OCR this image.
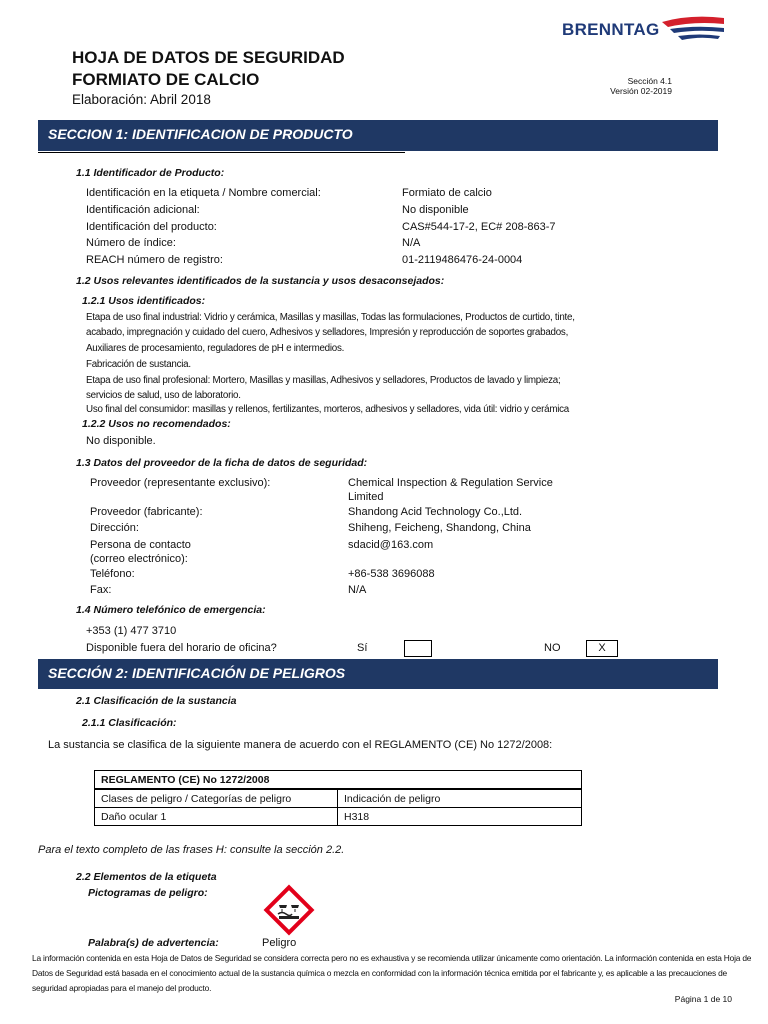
BRENNTAG
HOJA DE DATOS DE SEGURIDAD
FORMIATO DE CALCIO
Elaboración: Abril 2018
Sección 4.1
Versión 02-2019
SECCION 1: IDENTIFICACION DE PRODUCTO
1.1 Identificador de Producto:
Identificación en la etiqueta / Nombre comercial:	Formiato de calcio
Identificación adicional:	No disponible
Identificación del producto:	CAS#544-17-2, EC# 208-863-7
Número de índice:	N/A
REACH número de registro:	01-2119486476-24-0004
1.2 Usos relevantes identificados de la sustancia y usos desaconsejados:
1.2.1 Usos identificados:
Etapa de uso final industrial: Vidrio y cerámica, Masillas y masillas, Todas las formulaciones, Productos de curtido, tinte,
acabado, impregnación y cuidado del cuero, Adhesivos y selladores, Impresión y reproducción de soportes grabados,
Auxiliares de procesamiento, reguladores de pH e intermedios.
Fabricación de sustancia.
Etapa de uso final profesional: Mortero, Masillas y masillas, Adhesivos y selladores, Productos de lavado y limpieza;
servicios de salud, uso de laboratorio.
Uso final del consumidor: masillas y rellenos, fertilizantes, morteros, adhesivos y selladores, vida útil: vidrio y cerámica
1.2.2 Usos no recomendados:
No disponible.
1.3 Datos del proveedor de la ficha de datos de seguridad:
Proveedor (representante exclusivo):	Chemical Inspection & Regulation Service
Limited
Proveedor (fabricante):	Shandong Acid Technology Co.,Ltd.
Dirección:	Shiheng, Feicheng, Shandong, China
Persona de contacto
(correo electrónico):
sdacid@163.com
Teléfono:	+86-538 3696088
Fax:	N/A
1.4 Número telefónico de emergencia:
+353 (1) 477 3710
Disponible fuera del horario de oficina?	Sí	NO	X
SECCIÓN 2: IDENTIFICACIÓN DE PELIGROS
2.1 Clasificación de la sustancia
2.1.1 Clasificación:
La sustancia se clasifica de la siguiente manera de acuerdo con el REGLAMENTO (CE) No 1272/2008:
REGLAMENTO (CE) No 1272/2008	
Clases de peligro / Categorías de peligro	Indicación de peligro
Daño ocular 1	H318
Para el texto completo de las frases H: consulte la sección 2.2.
2.2 Elementos de la etiqueta
Pictogramas de peligro:
Palabra(s) de advertencia:	Peligro
La información contenida en esta Hoja de Datos de Seguridad se considera correcta pero no es exhaustiva y se recomienda utilizar únicamente como orientación. La información contenida en esta Hoja de Datos de Seguridad está basada en el conocimiento actual de la sustancia química o mezcla en conformidad con la información técnica emitida por el fabricante y, es aplicable a las precauciones de seguridad apropiadas para el manejo del producto.
Página 1 de 10
